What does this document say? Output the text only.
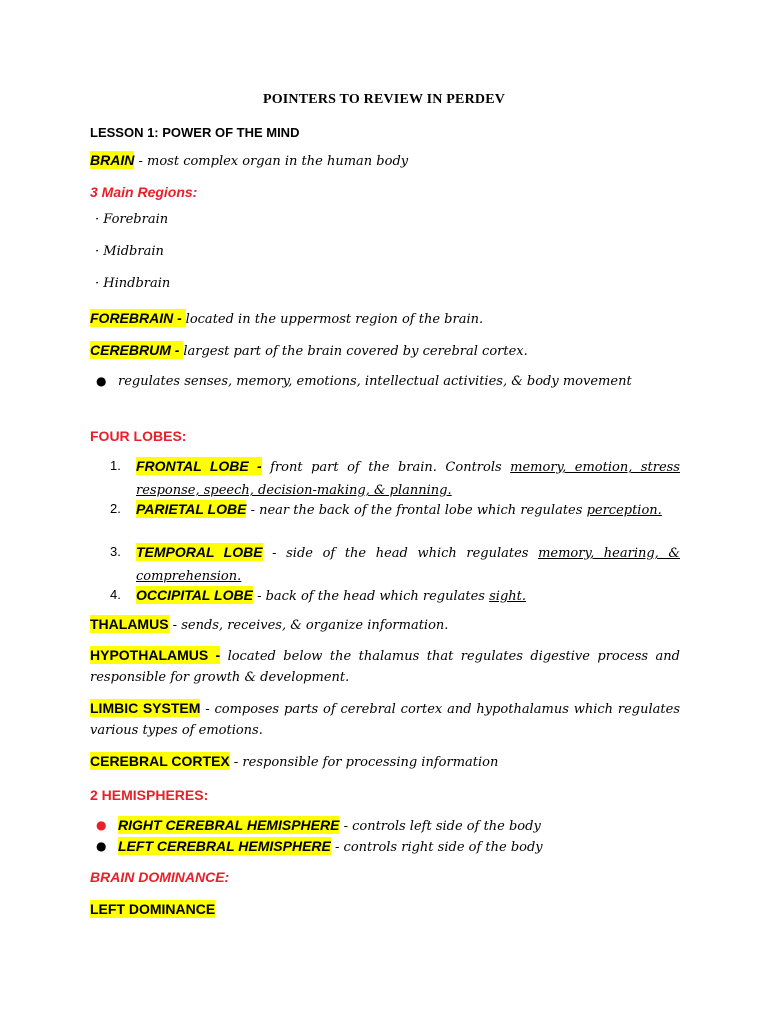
POINTERS TO REVIEW IN PERDEV
LESSON 1: POWER OF THE MIND
BRAIN - most complex organ in the human body
3 Main Regions:
· Forebrain
· Midbrain
· Hindbrain
FOREBRAIN - located in the uppermost region of the brain.
CEREBRUM - largest part of the brain covered by cerebral cortex.
● regulates senses, memory, emotions, intellectual activities, & body movement
FOUR LOBES:
1. FRONTAL LOBE - front part of the brain. Controls memory, emotion, stress response, speech, decision-making, & planning.
2. PARIETAL LOBE - near the back of the frontal lobe which regulates perception.
3. TEMPORAL LOBE - side of the head which regulates memory, hearing, & comprehension.
4. OCCIPITAL LOBE - back of the head which regulates sight.
THALAMUS - sends, receives, & organize information.
HYPOTHALAMUS - located below the thalamus that regulates digestive process and responsible for growth & development.
LIMBIC SYSTEM - composes parts of cerebral cortex and hypothalamus which regulates various types of emotions.
CEREBRAL CORTEX - responsible for processing information
2 HEMISPHERES:
● RIGHT CEREBRAL HEMISPHERE - controls left side of the body
● LEFT CEREBRAL HEMISPHERE - controls right side of the body
BRAIN DOMINANCE:
LEFT DOMINANCE
